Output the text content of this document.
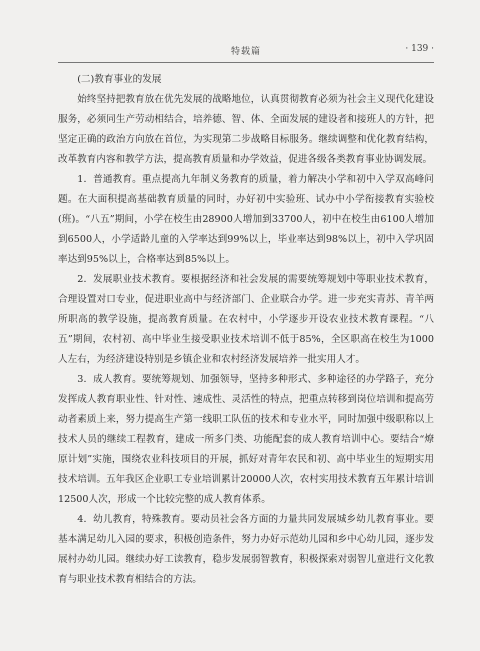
特载篇	· 139 ·

(二)教育事业的发展

始终坚持把教育放在优先发展的战略地位，认真贯彻教育必须为社会主义现代化建设服务，必须同生产劳动相结合，培养德、智、体、全面发展的建设者和接班人的方针，把坚定正确的政治方向放在首位，为实现第二步战略目标服务。继续调整和优化教育结构，改革教育内容和教学方法，提高教育质量和办学效益，促进各级各类教育事业协调发展。

1．普通教育。重点提高九年制义务教育的质量，着力解决小学和初中入学双高峰问题。在大面积提高基础教育质量的同时，办好初中实验班、试办中小学衔接教育实验校(班)。“八五”期间，小学在校生由28900人增加到33700人，初中在校生由6100人增加到6500人，小学适龄儿童的入学率达到99%以上，毕业率达到98%以上，初中入学巩固率达到95%以上，合格率达到85%以上。

2．发展职业技术教育。要根据经济和社会发展的需要统筹规划中等职业技术教育，合理设置对口专业，促进职业高中与经济部门、企业联合办学。进一步充实青苏、青羊两所职高的教学设施，提高教育质量。在农村中，小学逐步开设农业技术教育课程。“八五”期间，农村初、高中毕业生接受职业技术培训不低于85%，全区职高在校生为1000人左右，为经济建设特别是乡镇企业和农村经济发展培养一批实用人才。

3．成人教育。要统筹规划、加强领导，坚持多种形式、多种途径的办学路子，充分发挥成人教育职业性、针对性、速成性、灵活性的特点，把重点转移到岗位培训和提高劳动者素质上来，努力提高生产第一线职工队伍的技术和专业水平，同时加强中级职称以上技术人员的继续工程教育，建成一所多门类、功能配套的成人教育培训中心。要结合“燎原计划”实施，围绕农业科技项目的开展，抓好对青年农民和初、高中毕业生的短期实用技术培训。五年我区企业职工专业培训累计20000人次，农村实用技术教育五年累计培训12500人次，形成一个比较完整的成人教育体系。

4．幼儿教育，特殊教育。要动员社会各方面的力量共同发展城乡幼儿教育事业。要基本满足幼儿入园的要求，积极创造条件，努力办好示范幼儿园和乡中心幼儿园，逐步发展村办幼儿园。继续办好工读教育，稳步发展弱智教育，积极探索对弱智儿童进行文化教育与职业技术教育相结合的方法。
